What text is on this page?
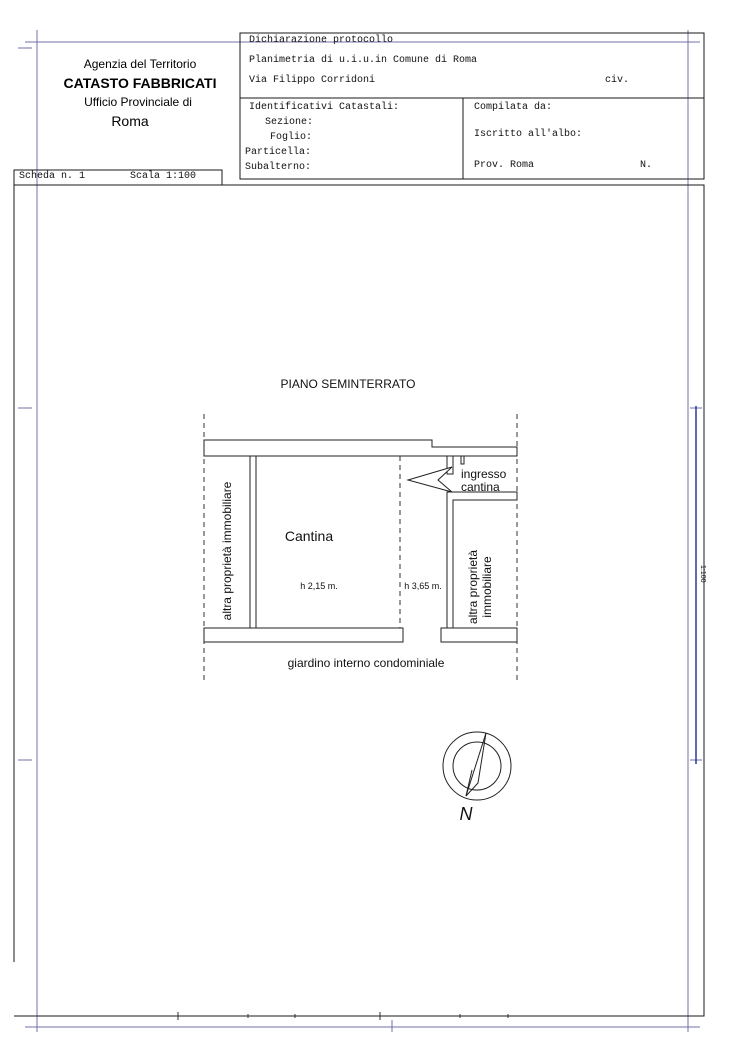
1:100
Agenzia del Territorio
CATASTO FABBRICATI
Ufficio Provinciale di
Roma
Dichiarazione protocollo
Planimetria di u.i.u.in Comune di Roma
Via Filippo Corridoni	civ.
Identificativi Catastali:
Sezione:
Foglio:
Particella:
Subalterno:
Compilata da:
Iscritto all'albo:
Prov. Roma	N.
Scheda n. 1	Scala 1:100
PIANO SEMINTERRATO
Cantina
h 2,15 m.	h 3,65 m.
ingresso
cantina
altra proprietà immobiliare	altra proprietà immobiliare
giardino interno condominiale
N
